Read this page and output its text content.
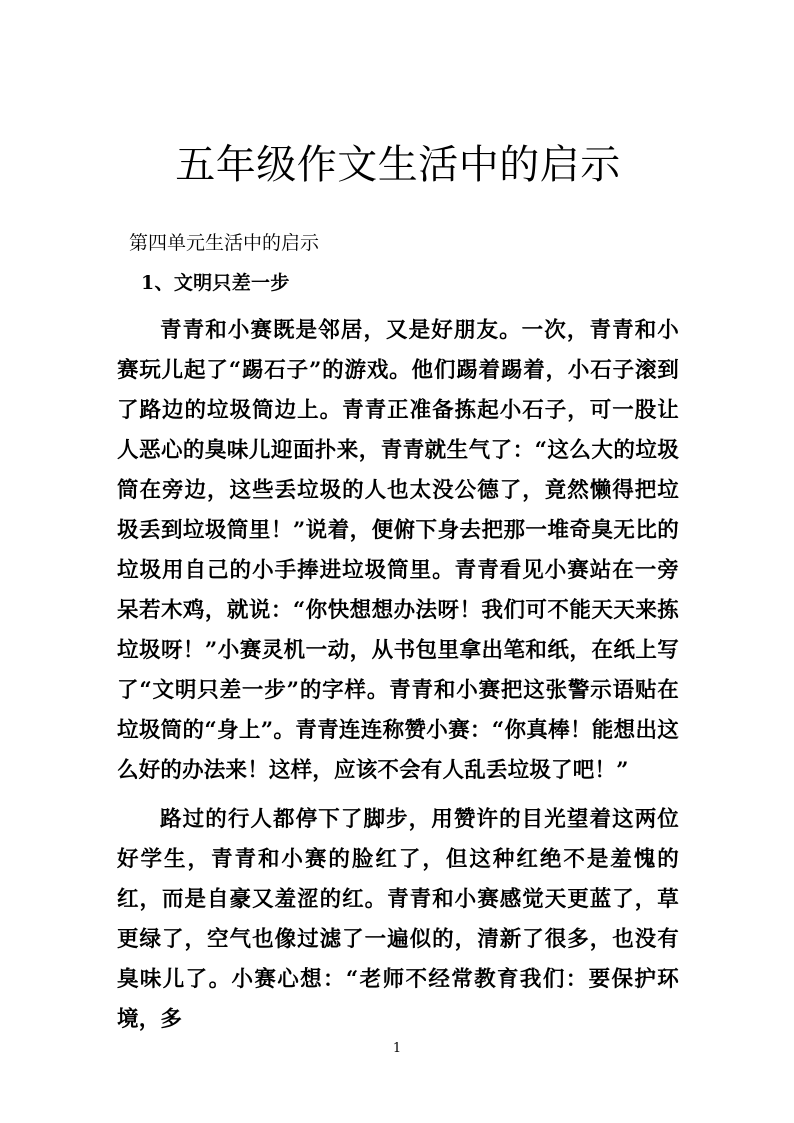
五年级作文生活中的启示
第四单元生活中的启示
1、文明只差一步

青青和小赛既是邻居，又是好朋友。一次，青青和小赛玩儿起了“踢石子”的游戏。他们踢着踢着，小石子滚到了路边的垃圾筒边上。青青正准备拣起小石子，可一股让人恶心的臭味儿迎面扑来，青青就生气了：“这么大的垃圾筒在旁边，这些丢垃圾的人也太没公德了，竟然懒得把垃圾丢到垃圾筒里！”说着，便俯下身去把那一堆奇臭无比的垃圾用自己的小手捧进垃圾筒里。青青看见小赛站在一旁呆若木鸡，就说：“你快想想办法呀！我们可不能天天来拣垃圾呀！”小赛灵机一动，从书包里拿出笔和纸，在纸上写了“文明只差一步”的字样。青青和小赛把这张警示语贴在垃圾筒的“身上”。青青连连称赞小赛：“你真棒！能想出这么好的办法来！这样，应该不会有人乱丢垃圾了吧！”

路过的行人都停下了脚步，用赞许的目光望着这两位好学生，青青和小赛的脸红了，但这种红绝不是羞愧的红，而是自豪又羞涩的红。青青和小赛感觉天更蓝了，草更绿了，空气也像过滤了一遍似的，清新了很多，也没有臭味儿了。小赛心想：“老师不经常教育我们：要保护环境，多

1
